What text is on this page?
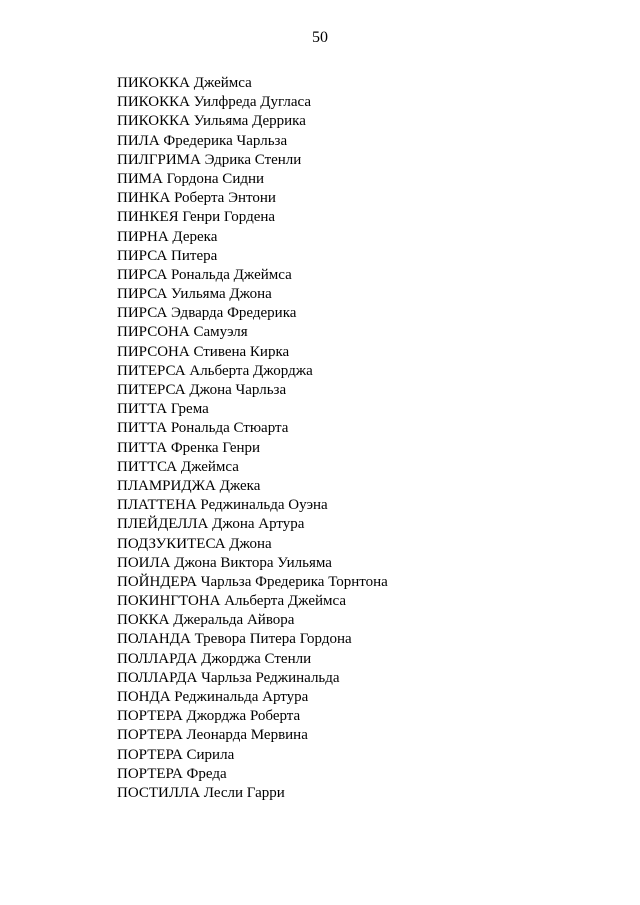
50
ПИКОККА Джеймса
ПИКОККА Уилфреда Дугласа
ПИКОККА Уильяма Деррика
ПИЛА Фредерика Чарльза
ПИЛГРИМА Эдрика Стенли
ПИМА Гордона Сидни
ПИНКА Роберта Энтони
ПИНКЕЯ Генри Гордена
ПИРНА Дерека
ПИРСА Питера
ПИРСА Рональда Джеймса
ПИРСА Уильяма Джона
ПИРСА Эдварда Фредерика
ПИРСОНА Самуэля
ПИРСОНА Стивена Кирка
ПИТЕРСА Альберта Джорджа
ПИТЕРСА Джона Чарльза
ПИТТА Грема
ПИТТА Рональда Стюарта
ПИТТА Френка Генри
ПИТТСА Джеймса
ПЛАМРИДЖА Джека
ПЛАТТЕНА Реджинальда Оуэна
ПЛЕЙДЕЛЛА Джона Артура
ПОДЗУКИТЕСА Джона
ПОИЛА Джона Виктора Уильяма
ПОЙНДЕРА Чарльза Фредерика Торнтона
ПОКИНГТОНА Альберта Джеймса
ПОККА Джеральда Айвора
ПОЛАНДА Тревора Питера Гордона
ПОЛЛАРДА Джорджа Стенли
ПОЛЛАРДА Чарльза Реджинальда
ПОНДА Реджинальда Артура
ПОРТЕРА Джорджа Роберта
ПОРТЕРА Леонарда Мервина
ПОРТЕРА Сирила
ПОРТЕРА Фреда
ПОСТИЛЛА Лесли Гарри
